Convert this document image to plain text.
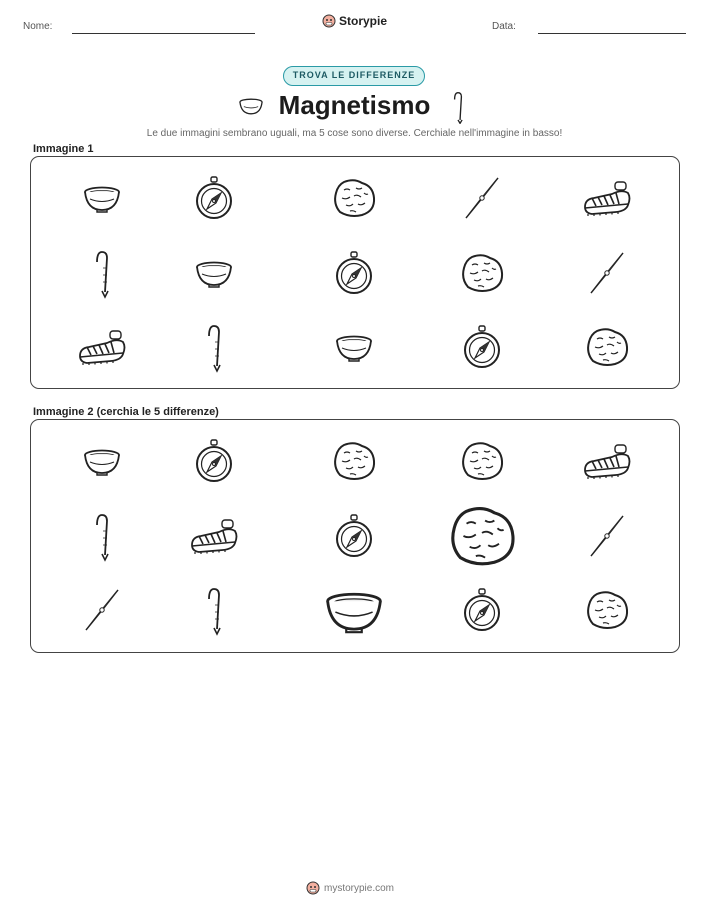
Nome:	Storypie	Data:
TROVA LE DIFFERENZE
Magnetismo
Le due immagini sembrano uguali, ma 5 cose sono diverse. Cerchiale nell'immagine in basso!
Immagine 1
Immagine 2 (cerchia le 5 differenze)
mystorypie.com
